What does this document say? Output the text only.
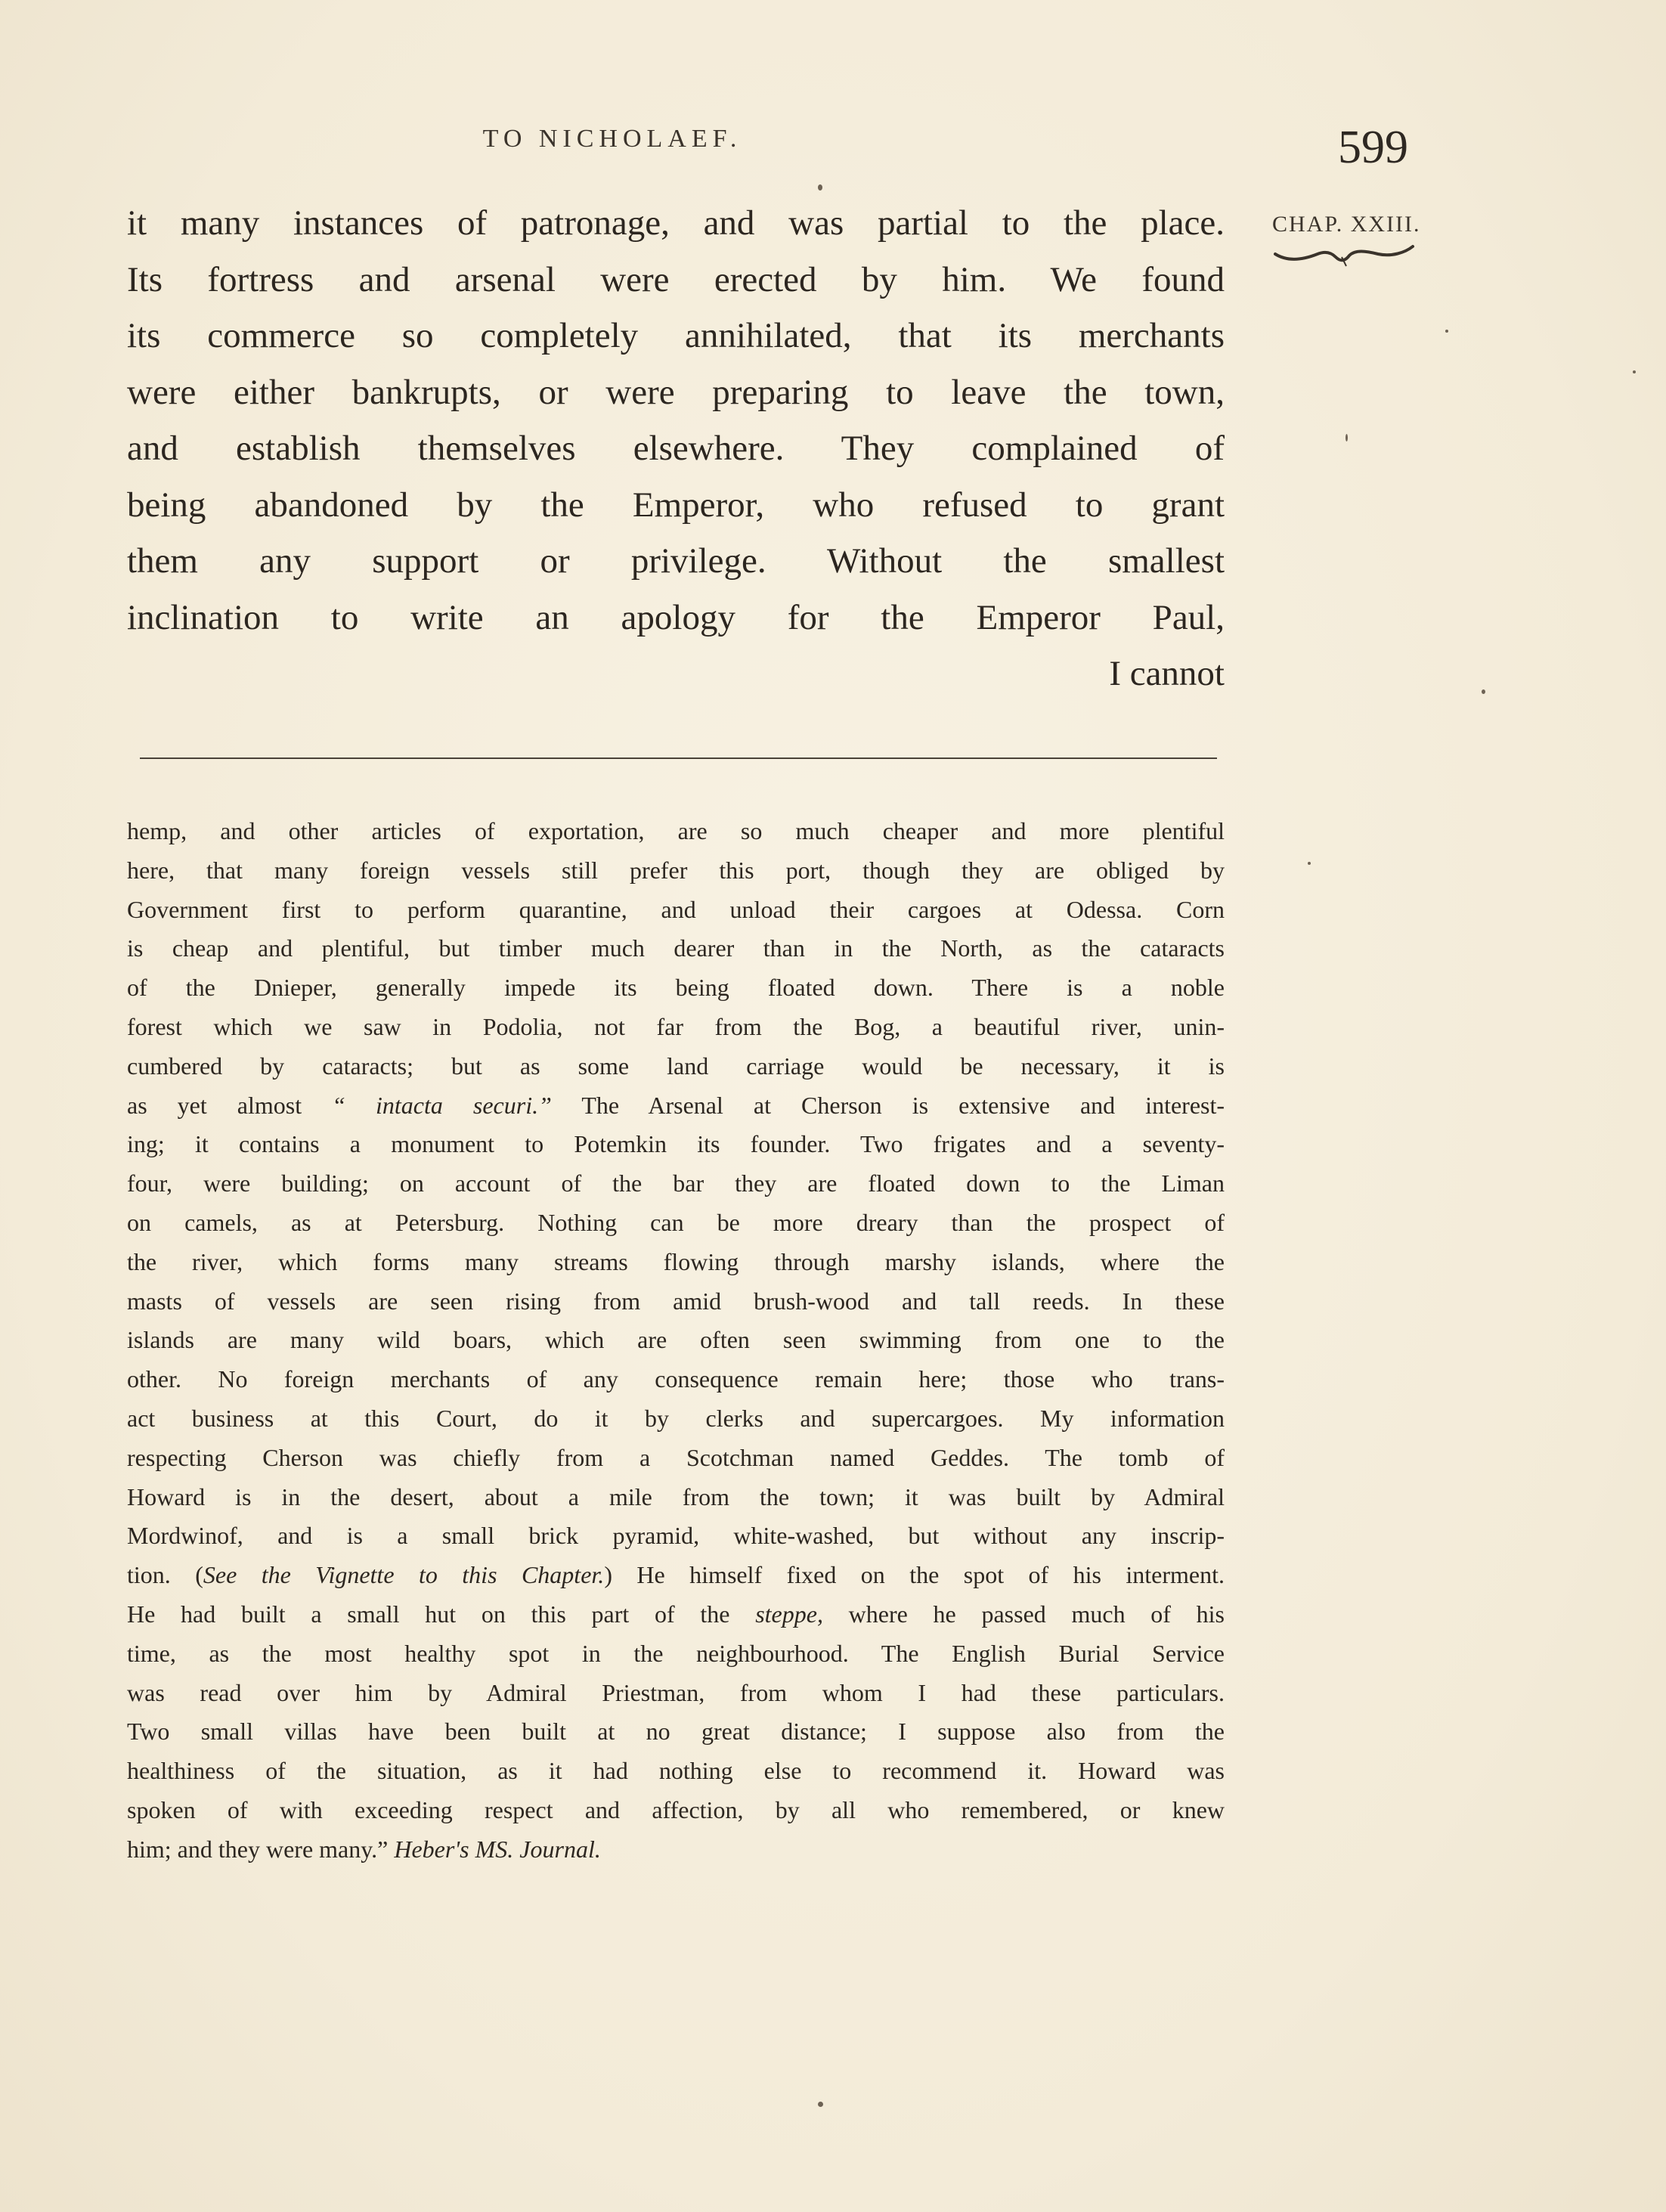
TO NICHOLAEF.	599
CHAP. XXIII.
it many instances of patronage, and was partial to the place.
Its fortress and arsenal were erected by him. We found
its commerce so completely annihilated, that its merchants
were either bankrupts, or were preparing to leave the town,
and establish themselves elsewhere. They complained of
being abandoned by the Emperor, who refused to grant
them any support or privilege. Without the smallest
inclination to write an apology for the Emperor Paul,
I cannot
hemp, and other articles of exportation, are so much cheaper and more plentiful
here, that many foreign vessels still prefer this port, though they are obliged by
Government first to perform quarantine, and unload their cargoes at Odessa. Corn
is cheap and plentiful, but timber much dearer than in the North, as the cataracts
of the Dnieper, generally impede its being floated down. There is a noble
forest which we saw in Podolia, not far from the Bog, a beautiful river, unin-
cumbered by cataracts; but as some land carriage would be necessary, it is
as yet almost “ intacta securi.” The Arsenal at Cherson is extensive and interest-
ing; it contains a monument to Potemkin its founder. Two frigates and a seventy-
four, were building; on account of the bar they are floated down to the Liman
on camels, as at Petersburg. Nothing can be more dreary than the prospect of
the river, which forms many streams flowing through marshy islands, where the
masts of vessels are seen rising from amid brush-wood and tall reeds. In these
islands are many wild boars, which are often seen swimming from one to the
other. No foreign merchants of any consequence remain here; those who trans-
act business at this Court, do it by clerks and supercargoes. My information
respecting Cherson was chiefly from a Scotchman named Geddes. The tomb of
Howard is in the desert, about a mile from the town; it was built by Admiral
Mordwinof, and is a small brick pyramid, white-washed, but without any inscrip-
tion. (See the Vignette to this Chapter.) He himself fixed on the spot of his interment.
He had built a small hut on this part of the steppe, where he passed much of his
time, as the most healthy spot in the neighbourhood. The English Burial Service
was read over him by Admiral Priestman, from whom I had these particulars.
Two small villas have been built at no great distance; I suppose also from the
healthiness of the situation, as it had nothing else to recommend it. Howard was
spoken of with exceeding respect and affection, by all who remembered, or knew
him; and they were many.” Heber's MS. Journal.
